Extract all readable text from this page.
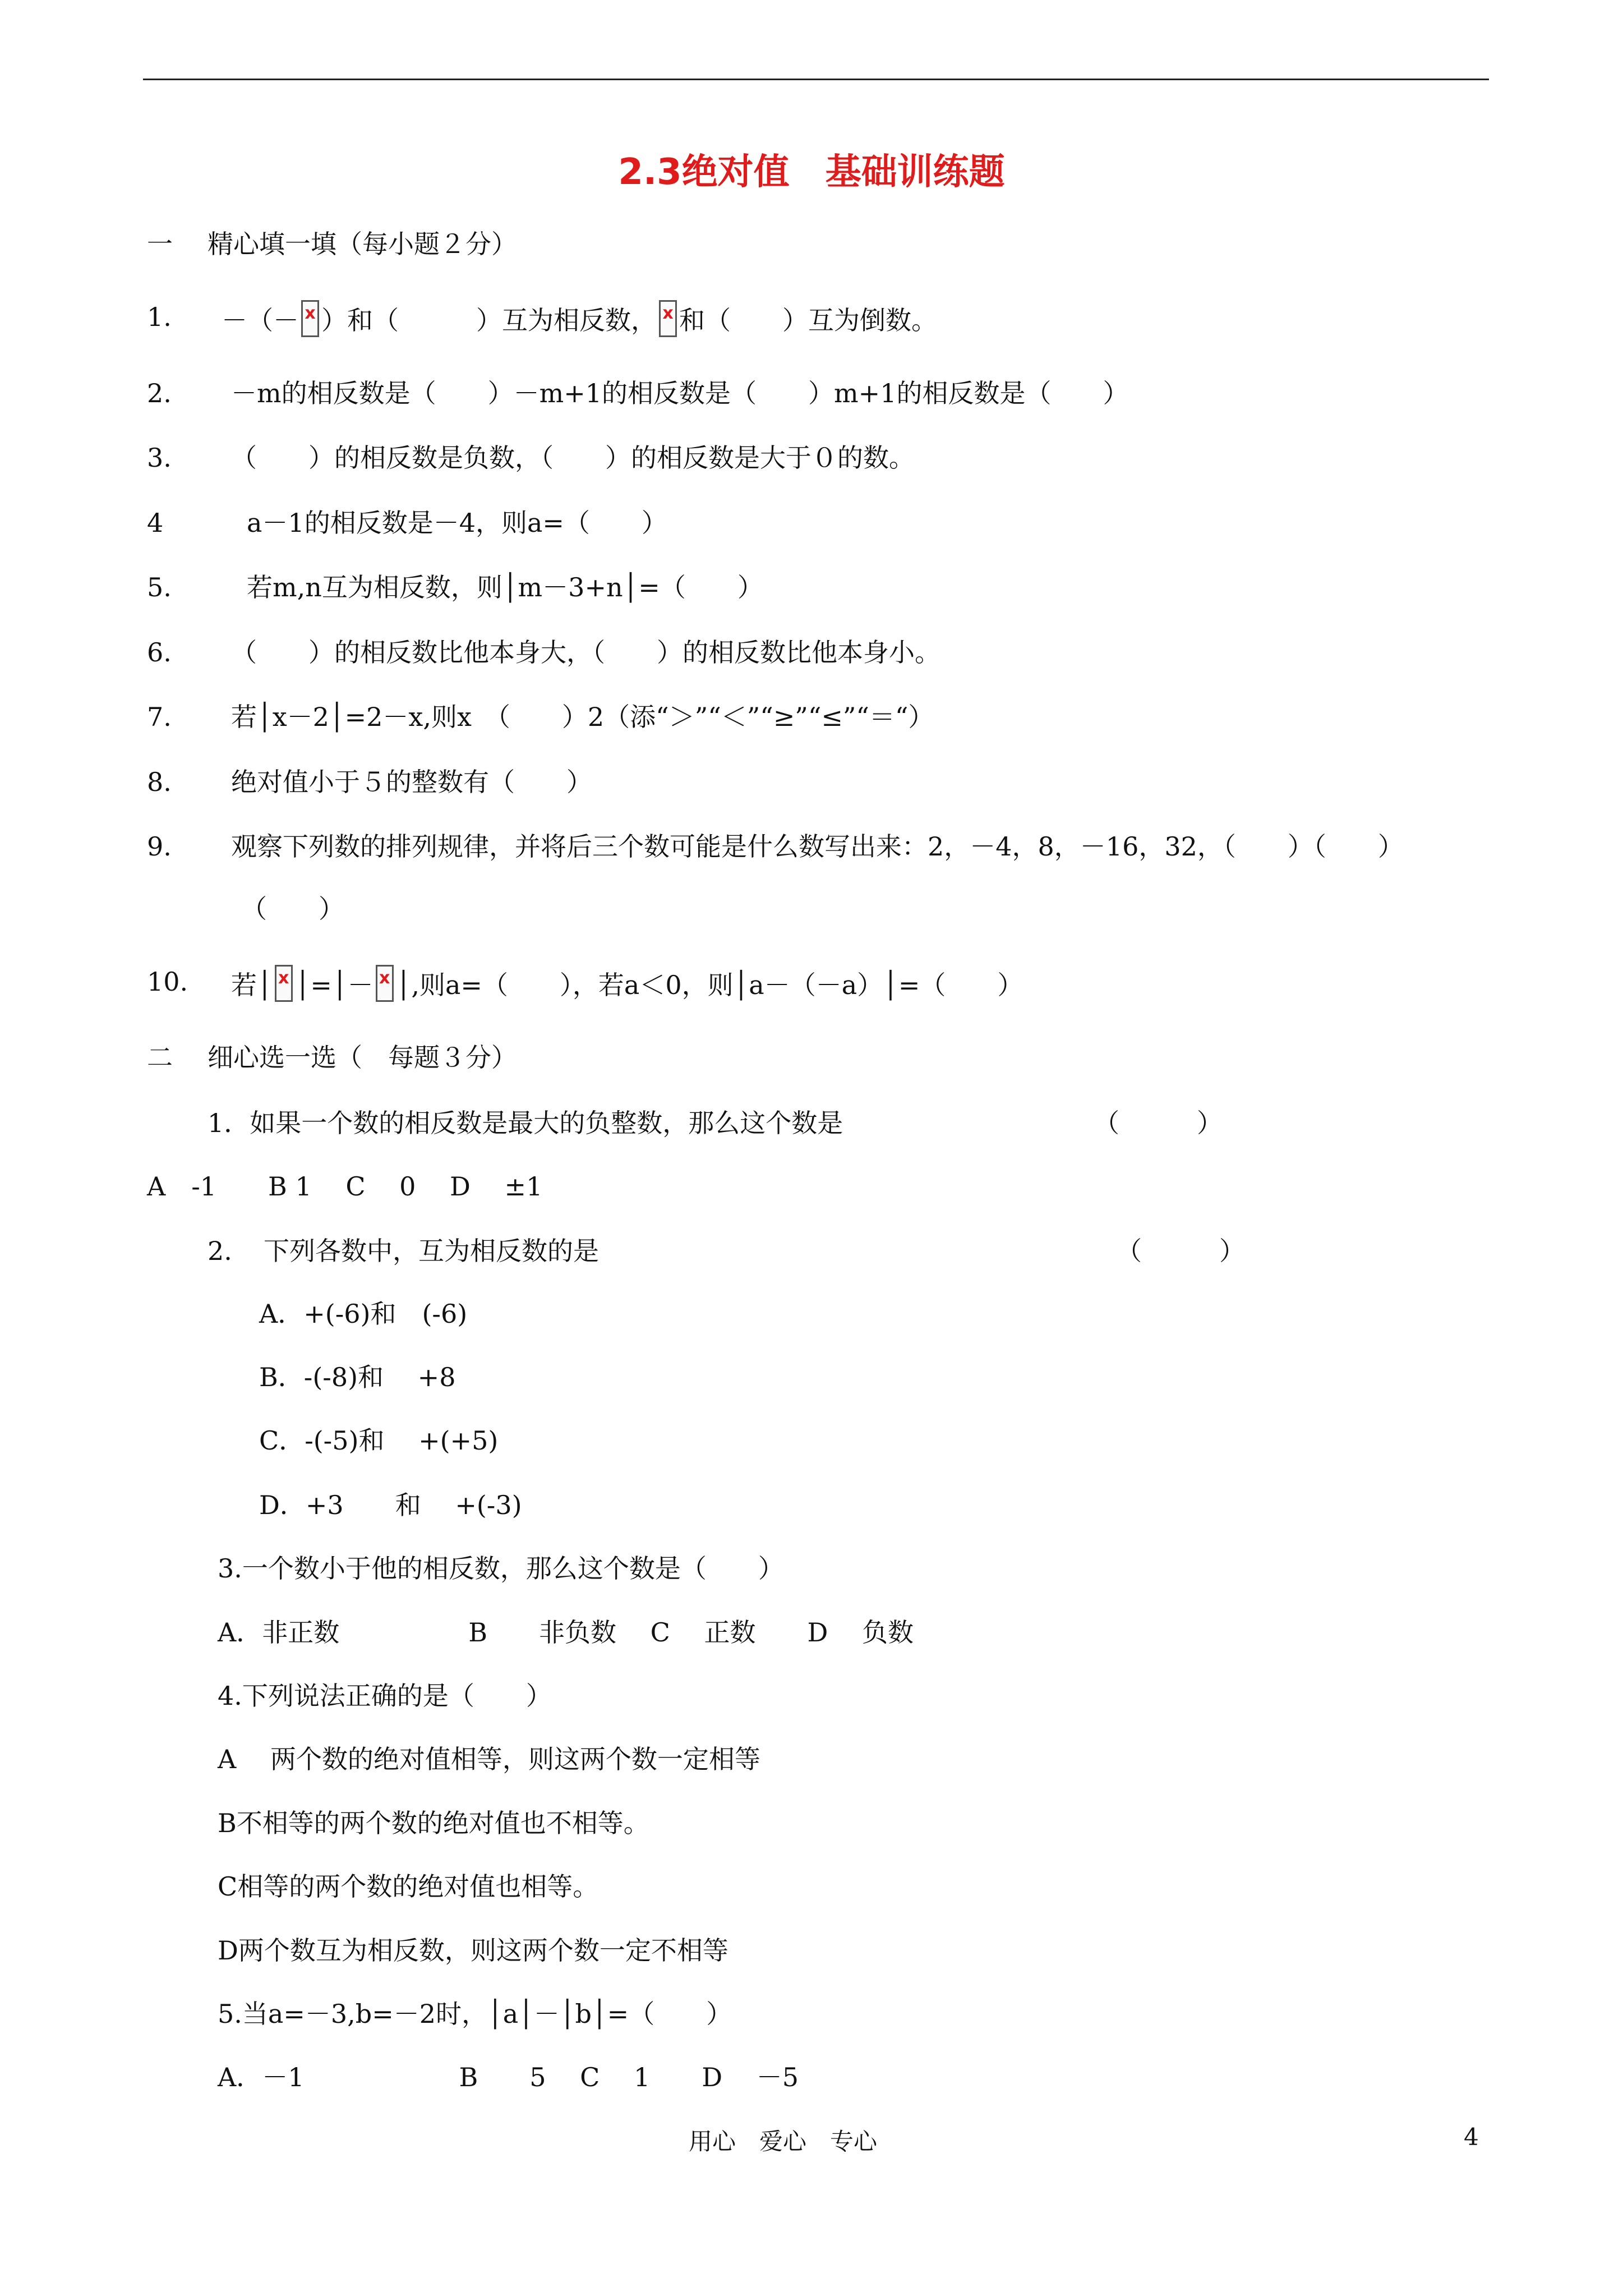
2.3绝对值　基础训练题
一 精心填一填（每小题２分）
1. －（－ x ）和（　　　）互为相反数， x 和（　　）互为倒数。
2. －m的相反数是（　　）－m+1的相反数是（　　）m+1的相反数是（　　）
3. （　　）的相反数是负数，（　　）的相反数是大于０的数。
4	a－1的相反数是－4，则a=（　　）
5.	若m,n互为相反数，则│m－3+n│=（　　）
6. （　　）的相反数比他本身大，（　　）的相反数比他本身小。
7. 若│x－2│=2－x,则x　（　　）2（添“＞”“＜”“≥”“≤”“＝“）
8. 绝对值小于５的整数有（　　）
9. 观察下列数的排列规律，并将后三个数可能是什么数写出来：2，－4，8，－16，32，（　　）（　　）
（　　）
10. 若│ x │=│－ x │,则a=（　　），若a＜0，则│a－（－a）│=（　　）
二 细心选一选（　每题３分）
1．如果一个数的相反数是最大的负整数，那么这个数是	（　　　）
A　-1　　B 1　 C　 0　 D　 ±1
2. 下列各数中，互为相反数的是	（　　　）
A．+(-6)和　(-6)
B．-(-8)和　 +8
C．-(-5)和　 +(+5)
D．+3　　和　 +(-3)
3.一个数小于他的相反数，那么这个数是（　　）
A．非正数　　　　　B　　非负数　 C　 正数　　D　 负数
4.下列说法正确的是（　　）
A　 两个数的绝对值相等，则这两个数一定相等
B不相等的两个数的绝对值也不相等。
C相等的两个数的绝对值也相等。
D两个数互为相反数，则这两个数一定不相等
5.当a=－3,b=－2时，│a│－│b│=（　　）
A．－1　　　　　　B　　5　 C　 1　　D　 －5
用心　爱心　专心	4
